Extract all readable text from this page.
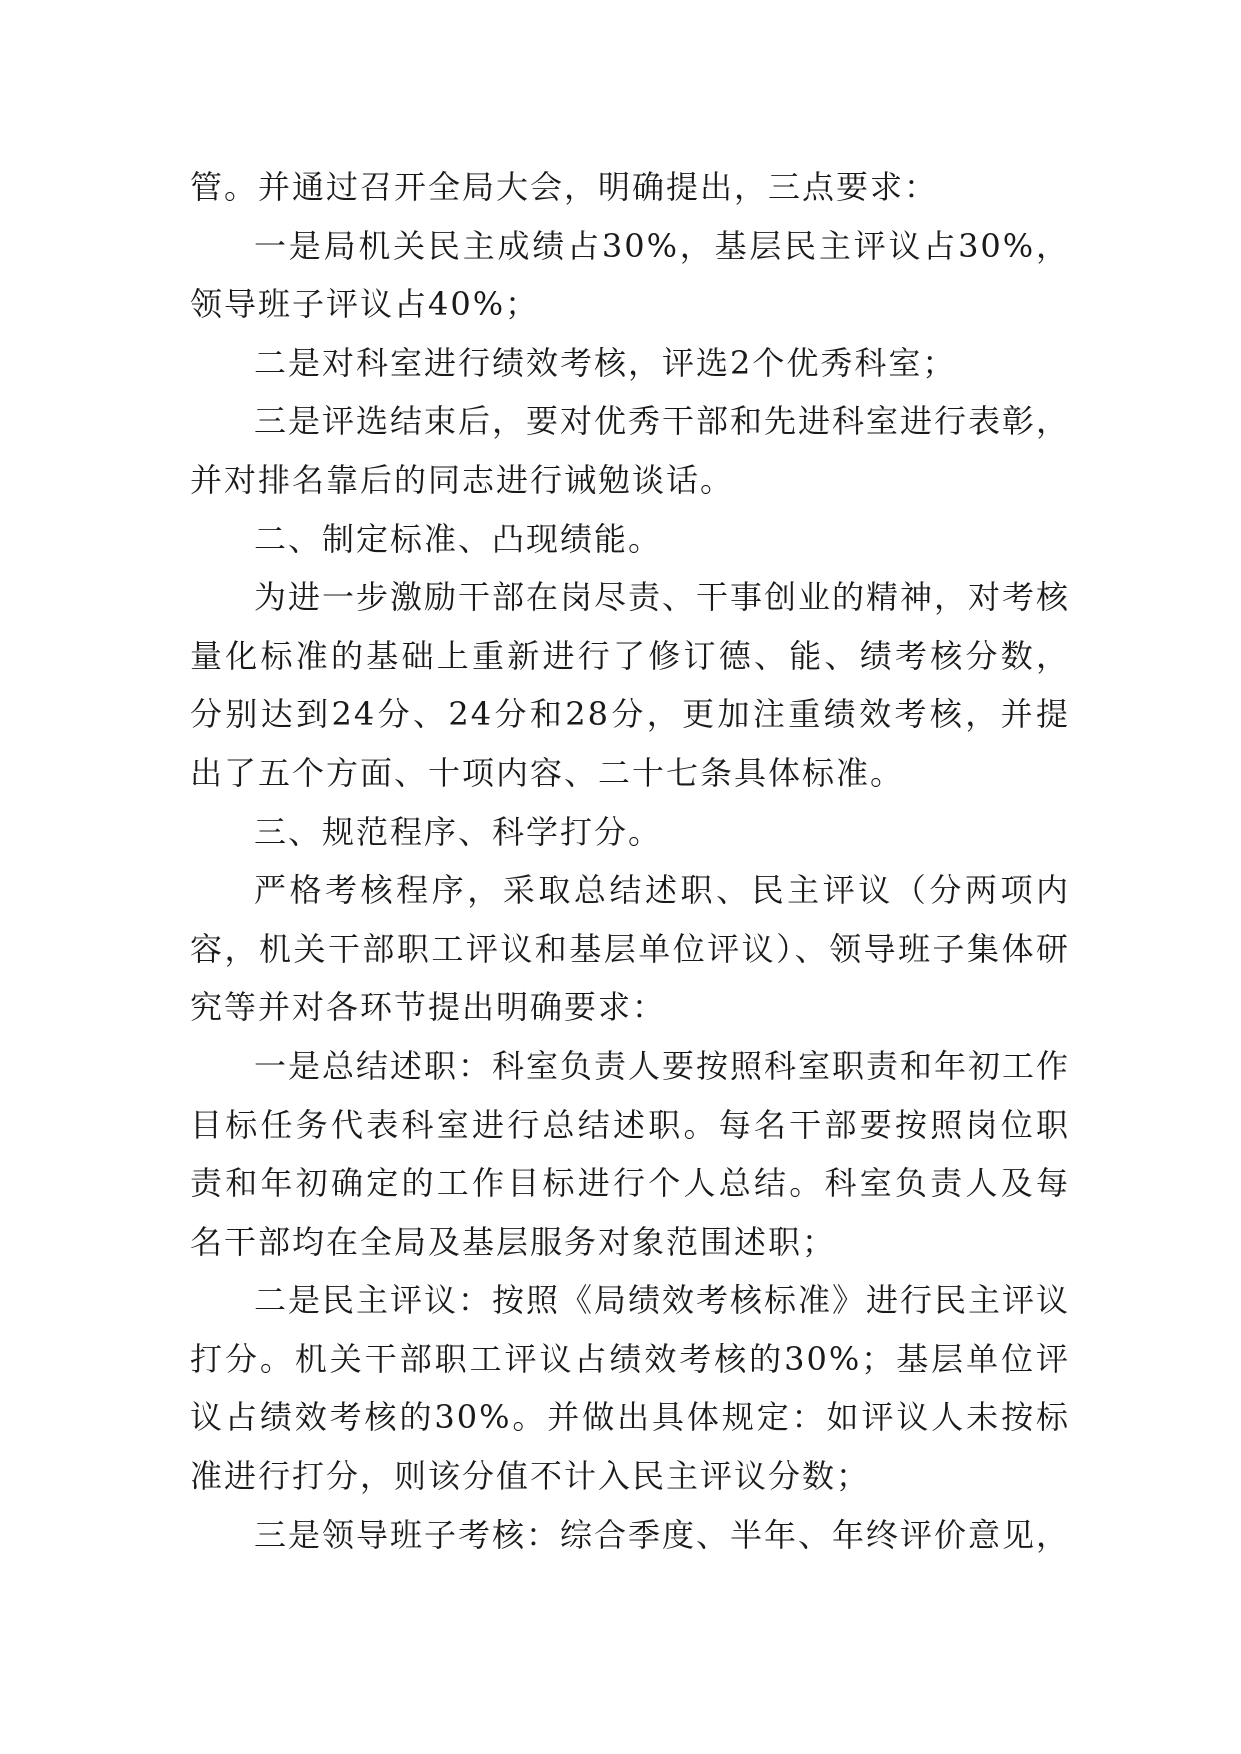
管。并通过召开全局大会，明确提出，三点要求：

一是局机关民主成绩占30%，基层民主评议占30%，领导班子评议占40%；

二是对科室进行绩效考核，评选2个优秀科室；

三是评选结束后，要对优秀干部和先进科室进行表彰，并对排名靠后的同志进行诫勉谈话。

二、制定标准、凸现绩能。

为进一步激励干部在岗尽责、干事创业的精神，对考核量化标准的基础上重新进行了修订德、能、绩考核分数，分别达到24分、24分和28分，更加注重绩效考核，并提出了五个方面、十项内容、二十七条具体标准。

三、规范程序、科学打分。

严格考核程序，采取总结述职、民主评议（分两项内容，机关干部职工评议和基层单位评议）、领导班子集体研究等并对各环节提出明确要求：

一是总结述职：科室负责人要按照科室职责和年初工作目标任务代表科室进行总结述职。每名干部要按照岗位职责和年初确定的工作目标进行个人总结。科室负责人及每名干部均在全局及基层服务对象范围述职；

二是民主评议：按照《局绩效考核标准》进行民主评议打分。机关干部职工评议占绩效考核的30%；基层单位评议占绩效考核的30%。并做出具体规定：如评议人未按标准进行打分，则该分值不计入民主评议分数；

三是领导班子考核：综合季度、半年、年终评价意见，
